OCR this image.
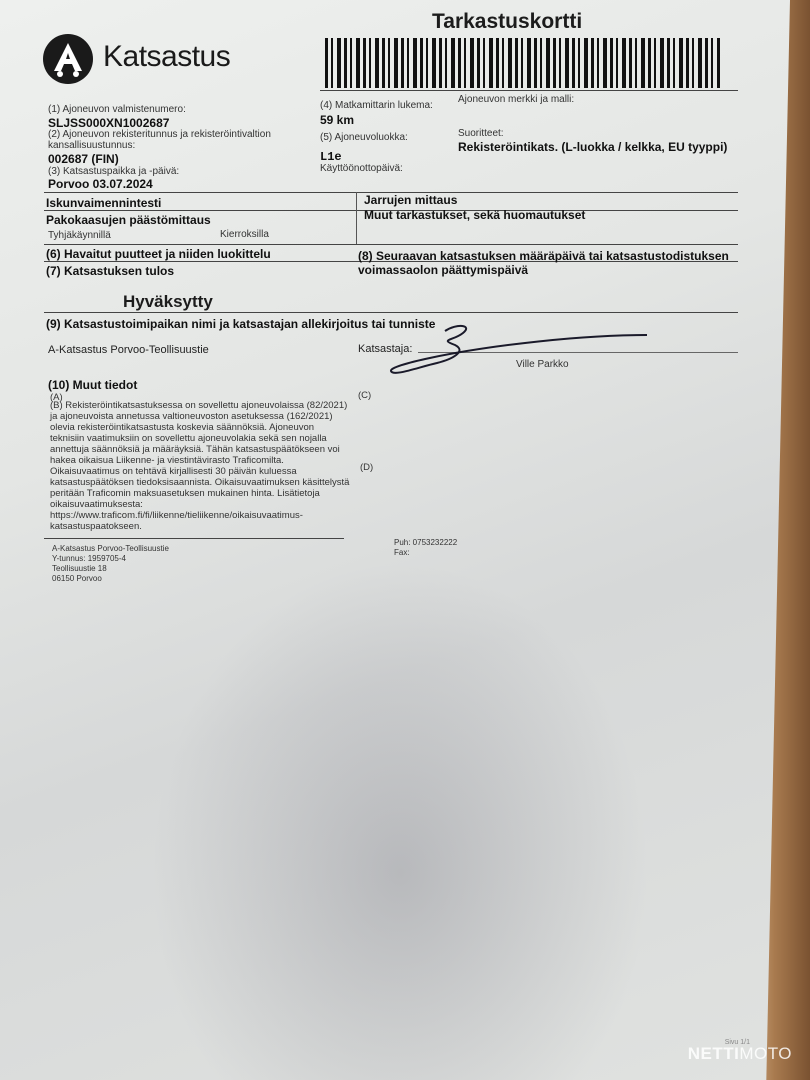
Katsastus
Tarkastuskortti
(1) Ajoneuvon valmistenumero:
SLJSS000XN1002687
(2) Ajoneuvon rekisteritunnus ja rekisteröintivaltion
kansallisuustunnus:
002687 (FIN)
(3) Katsastuspaikka ja -päivä:
Porvoo 03.07.2024
(4) Matkamittarin lukema:
59 km
(5) Ajoneuvoluokka:
L1e
Käyttöönottopäivä:
Ajoneuvon merkki ja malli:
Suoritteet:
Rekisteröintikats. (L-luokka / kelkka, EU tyyppi)
Iskunvaimennintesti	Jarrujen mittaus
Pakokaasujen päästömittaus
Tyhjäkäynnillä	Kierroksilla
Muut tarkastukset, sekä huomautukset
(6) Havaitut puutteet ja niiden luokittelu
(7) Katsastuksen tulos
(8) Seuraavan katsastuksen määräpäivä tai katsastustodistuksen
voimassaolon päättymispäivä
Hyväksytty
(9) Katsastustoimipaikan nimi ja katsastajan allekirjoitus tai tunniste
A-Katsastus Porvoo-Teollisuustie	Katsastaja:
Ville Parkko
(10) Muut tiedot
(A)	(C)
(D)
(B) Rekisteröintikatsastuksessa on sovellettu ajoneuvolaissa (82/2021) ja ajoneuvoista annetussa valtioneuvoston asetuksessa (162/2021) olevia rekisteröintikatsastusta koskevia säännöksiä. Ajoneuvon teknisiin vaatimuksiin on sovellettu ajoneuvolakia sekä sen nojalla annettuja säännöksiä ja määräyksiä. Tähän katsastuspäätökseen voi hakea oikaisua Liikenne- ja viestintävirasto Traficomilta. Oikaisuvaatimus on tehtävä kirjallisesti 30 päivän kuluessa katsastuspäätöksen tiedoksisaannista. Oikaisuvaatimuksen käsittelystä peritään Traficomin maksuasetuksen mukainen hinta. Lisätietoja oikaisuvaatimuksesta: https://www.traficom.fi/fi/liikenne/tieliikenne/oikaisuvaatimus-katsastuspaatokseen.
A-Katsastus Porvoo-Teollisuustie
Y-tunnus: 1959705-4
Teollisuustie 18
06150 Porvoo
Puh: 0753232222
Fax:
Sivu 1/1
NETTIMOTO
